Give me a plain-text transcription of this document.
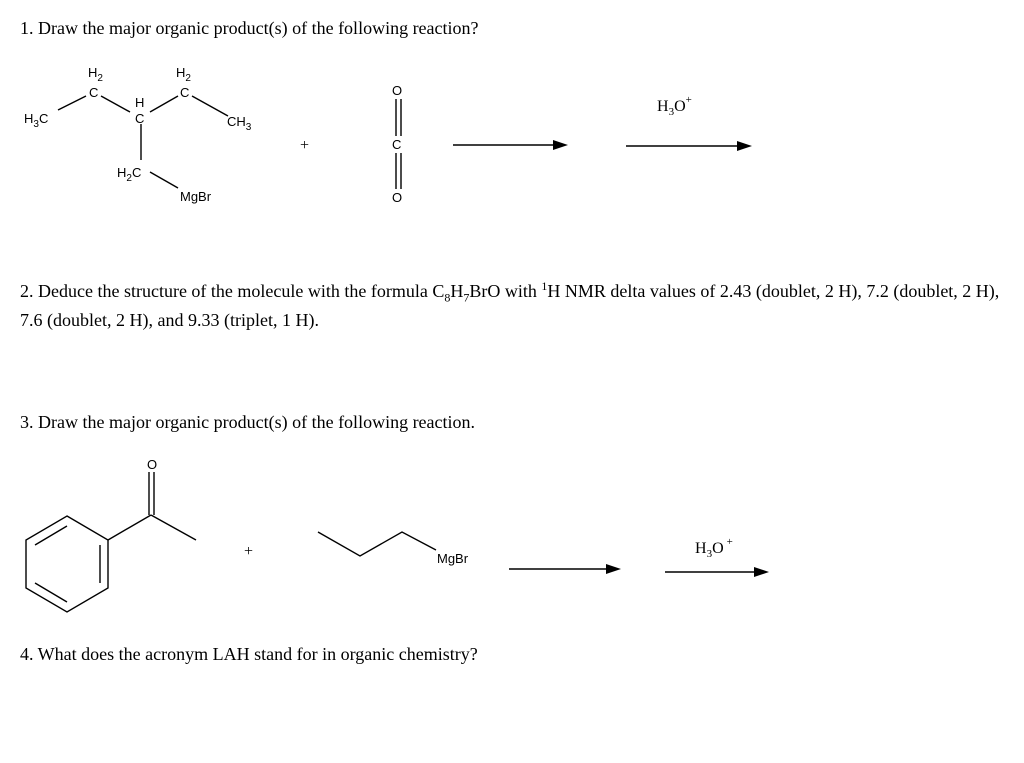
1. Draw the major organic product(s) of the following reaction?
$H_2$
C
$H_2$
C
H
C
$H_3C$	$CH_3$
$H_2C$
MgBr
+
O
C
O
$H_3O^+$
2. Deduce the structure of the molecule with the formula $C_8H_7BrO$ with $^1$H NMR delta values of 2.43 (doublet, 2 H), 7.2 (doublet, 2 H), 7.6 (doublet, 2 H), and 9.33 (triplet, 1 H).
3. Draw the major organic product(s) of the following reaction.
O
+	MgBr
$H_3O$ +
4. What does the acronym LAH stand for in organic chemistry?
